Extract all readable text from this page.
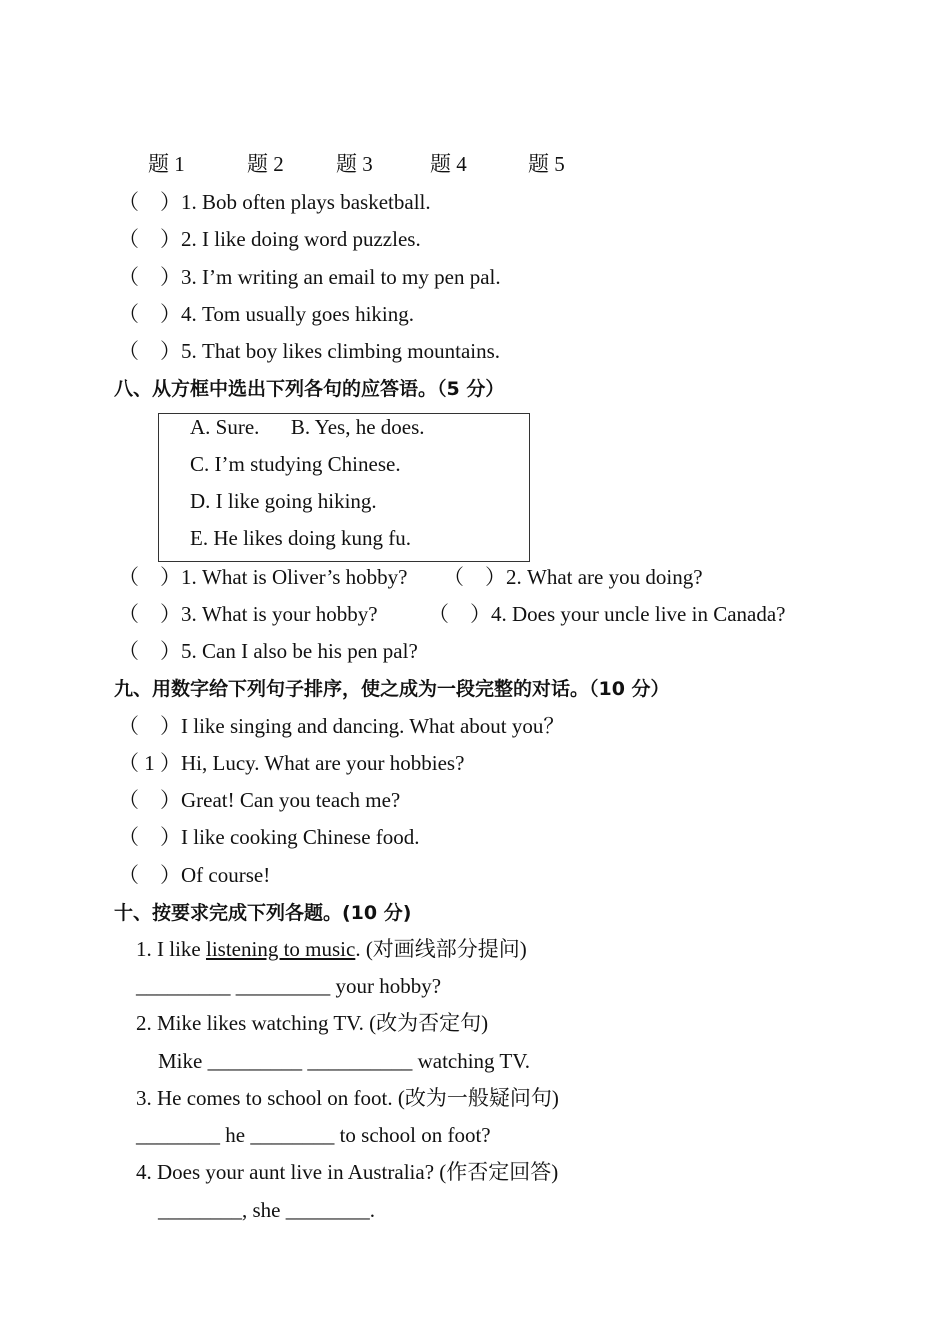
题 1	题 2 题 3	题 4	题 5
（　）1. Bob often plays basketball.
（　）2. I like doing word puzzles.
（　）3. I’m writing an email to my pen pal.
（　）4. Tom usually goes hiking.
（　）5. That boy likes climbing mountains.
八、从方框中选出下列各句的应答语。（5 分）
A. Sure.      B. Yes, he does.
C. I’m studying Chinese.
D. I like going hiking.
E. He likes doing kung fu.
（　）1. What is Oliver’s hobby? （　）2. What are you doing?
（　）3. What is your hobby? （　）4. Does your uncle live in Canada?
（　）5. Can I also be his pen pal?
九、用数字给下列句子排序，使之成为一段完整的对话。（10 分）
（　）I like singing and dancing. What about you？
（ 1 ）Hi, Lucy. What are your hobbies?
（　）Great! Can you teach me?
（　）I like cooking Chinese food.
（　）Of course!
十、按要求完成下列各题。(10 分)
1. I like listening to music. (对画线部分提问)
_________ _________ your hobby?
2. Mike likes watching TV. (改为否定句)
Mike _________ __________ watching TV.
3. He comes to school on foot. (改为一般疑问句)
________ he ________ to school on foot?
4. Does your aunt live in Australia? (作否定回答)
________, she ________.
